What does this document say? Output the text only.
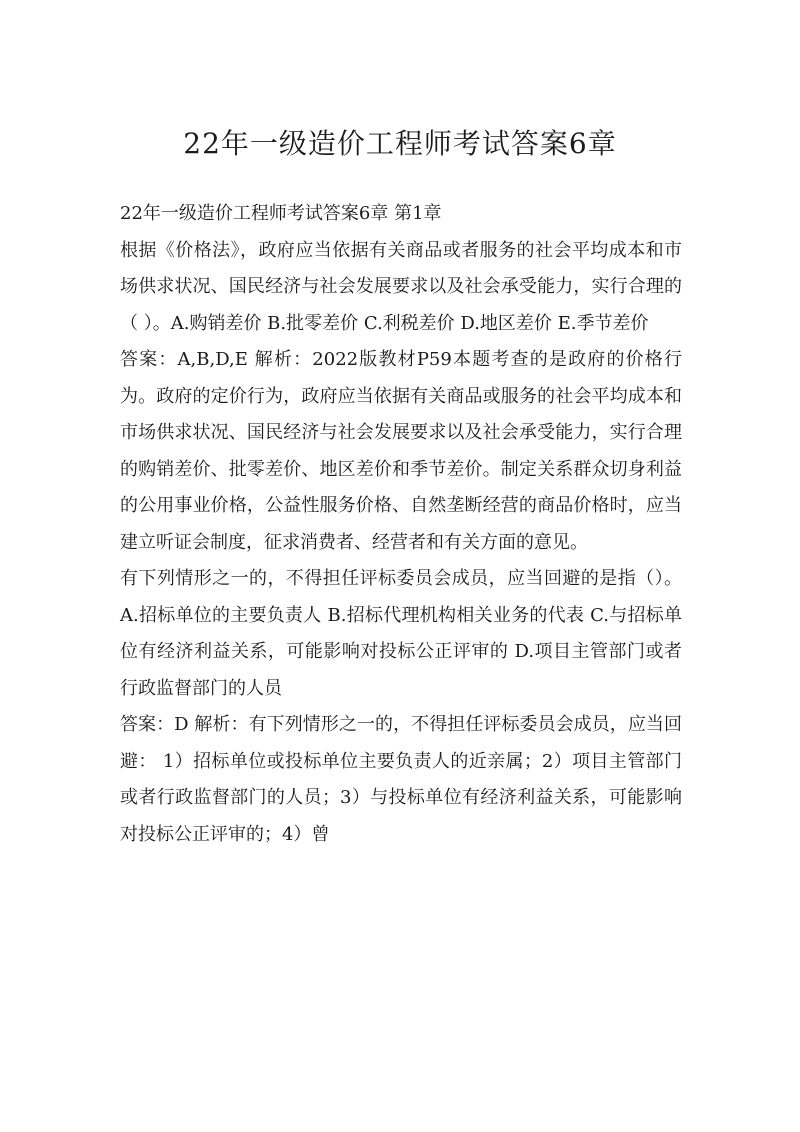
22年一级造价工程师考试答案6章

22年一级造价工程师考试答案6章 第1章

根据《价格法》，政府应当依据有关商品或者服务的社会平均成本和市场供求状况、国民经济与社会发展要求以及社会承受能力，实行合理的（ ）。A.购销差价 B.批零差价 C.利税差价 D.地区差价 E.季节差价

答案：A,B,D,E 解析：2022版教材P59本题考查的是政府的价格行为。政府的定价行为，政府应当依据有关商品或服务的社会平均成本和市场供求状况、国民经济与社会发展要求以及社会承受能力，实行合理的购销差价、批零差价、地区差价和季节差价。制定关系群众切身利益的公用事业价格，公益性服务价格、自然垄断经营的商品价格时，应当建立听证会制度，征求消费者、经营者和有关方面的意见。

有下列情形之一的，不得担任评标委员会成员，应当回避的是指（）。A.招标单位的主要负责人 B.招标代理机构相关业务的代表 C.与招标单位有经济利益关系，可能影响对投标公正评审的 D.项目主管部门或者行政监督部门的人员

答案：D 解析：有下列情形之一的，不得担任评标委员会成员，应当回避： 1）招标单位或投标单位主要负责人的近亲属；2）项目主管部门或者行政监督部门的人员；3）与投标单位有经济利益关系，可能影响对投标公正评审的；4）曾
